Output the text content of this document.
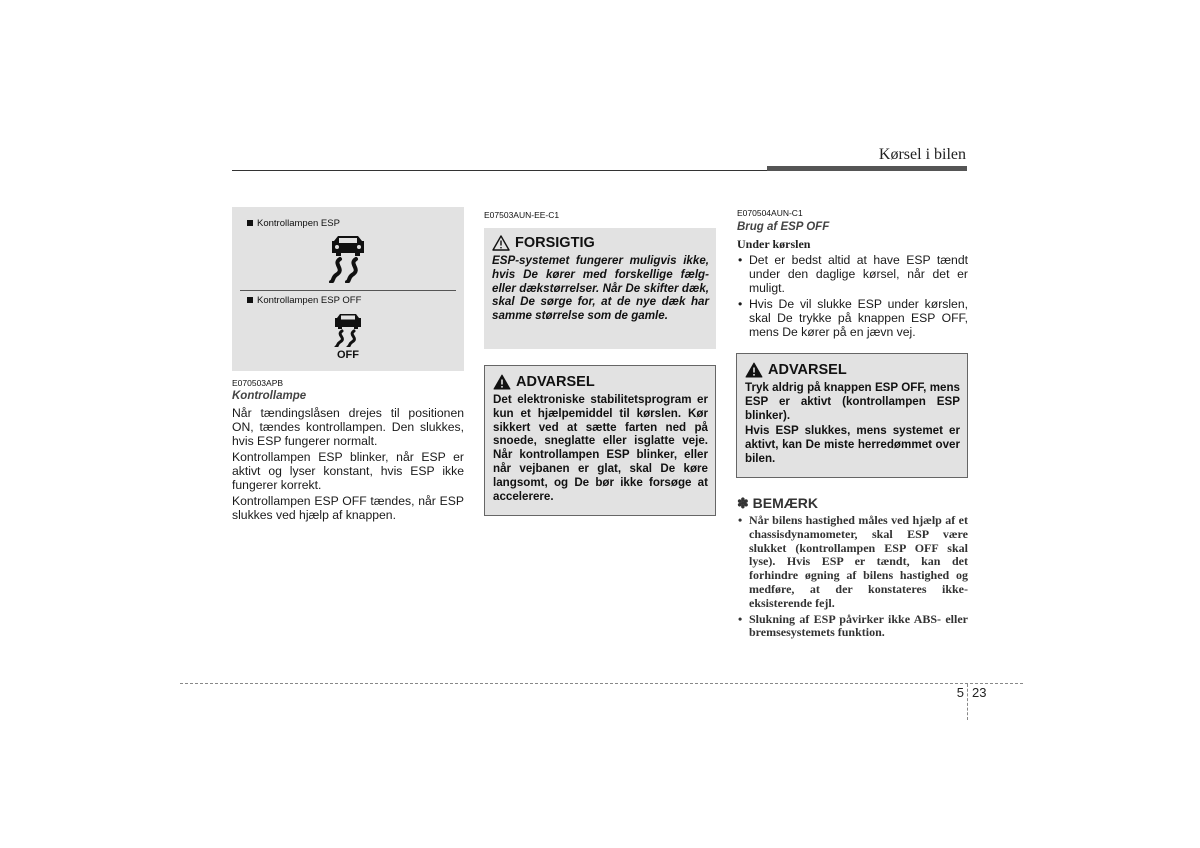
Kørsel i bilen
Kontrollampen ESP
Kontrollampen ESP OFF
OFF
E070503APB
Kontrollampe

Når tændingslåsen drejes til positionen ON, tændes kontrollampen. Den slukkes, hvis ESP fungerer normalt.

Kontrollampen ESP blinker, når ESP er aktivt og lyser konstant, hvis ESP ikke fungerer korrekt.

Kontrollampen ESP OFF tændes, når ESP slukkes ved hjælp af knappen.

E07503AUN-EE-C1
FORSIGTIG
ESP-systemet fungerer muligvis ikke, hvis De kører med forskellige fælg- eller dækstørrelser. Når De skifter dæk, skal De sørge for, at de nye dæk har samme størrelse som de gamle.
ADVARSEL
Det elektroniske stabilitetsprogram er kun et hjælpemiddel til kørslen. Kør sikkert ved at sætte farten ned på snoede, sneglatte eller isglatte veje. Når kontrollampen ESP blinker, eller når vejbanen er glat, skal De køre langsomt, og De bør ikke forsøge at accelerere.
E070504AUN-C1
Brug af ESP OFF
Under kørslen
• Det er bedst altid at have ESP tændt under den daglige kørsel, når det er muligt.
• Hvis De vil slukke ESP under kørslen, skal De trykke på knappen ESP OFF, mens De kører på en jævn vej.
ADVARSEL

Tryk aldrig på knappen ESP OFF, mens ESP er aktivt (kontrollampen ESP blinker).

Hvis ESP slukkes, mens systemet er aktivt, kan De miste herredømmet over bilen.

✽ BEMÆRK
• Når bilens hastighed måles ved hjælp af et chassisdynamometer, skal ESP være slukket (kontrollampen ESP OFF skal lyse). Hvis ESP er tændt, kan det forhindre øgning af bilens hastighed og medføre, at der konstateres ikke-eksisterende fejl.
• Slukning af ESP påvirker ikke ABS- eller bremsesystemets funktion.
5 23
